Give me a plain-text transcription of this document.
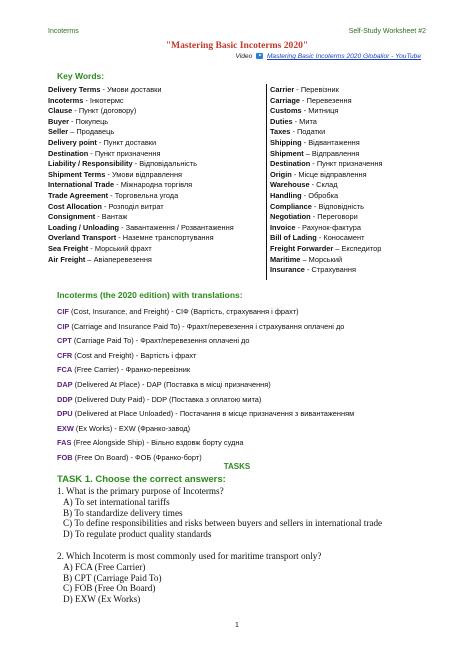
Incoterms	Self-Study Worksheet #2
"Mastering Basic Incoterms 2020"
Video Mastering Basic Incoterms 2020 Globalior - YouTube
Key Words:
Delivery Terms - Умови доставки
Incoterms - Інкотермс
Clause - Пункт (договору)
Buyer - Покупець
Seller – Продавець
Delivery point - Пункт доставки
Destination - Пункт призначення
Liability / Responsibility - Відповідальність
Shipment Terms - Умови відправлення
International Trade - Міжнародна торгівля
Trade Agreement - Торговельна угода
Cost Allocation - Розподіл витрат
Consignment - Вантаж
Loading / Unloading - Завантаження / Розвантаження
Overland Transport - Наземне транспортування
Sea Freight - Морський фрахт
Air Freight – Авіаперевезення
Carrier - Перевізник
Carriage - Перевезення
Customs - Митниця
Duties - Мита
Taxes - Податки
Shipping - Відвантаження
Shipment – Відправлення
Destination - Пункт призначення
Origin - Місце відправлення
Warehouse - Склад
Handling - Обробка
Compliance - Відповідність
Negotiation - Переговори
Invoice - Рахунок-фактура
Bill of Lading - Коносамент
Freight Forwarder – Експедитор
Maritime – Морський
Insurance - Страхування
Incoterms (the 2020 edition) with translations:
CIF (Cost, Insurance, and Freight) - СІФ (Вартість, страхування і фрахт)
CIP (Carriage and Insurance Paid To) - Фрахт/перевезення і страхування оплачені до
CPT (Carriage Paid To) - Фрахт/перевезення оплачені до
CFR (Cost and Freight) - Вартість і фрахт
FCA (Free Carrier) - Франко-перевізник
DAP (Delivered At Place) - DAP (Поставка в місці призначення)
DDP (Delivered Duty Paid) - DDP (Поставка з оплатою мита)
DPU (Delivered at Place Unloaded) - Постачання в місце призначення з вивантаженням
EXW (Ex Works) - EXW (Франко-завод)
FAS (Free Alongside Ship) - Вільно вздовж борту судна
FOB (Free On Board) - ФОБ (Франко-борт)
TASKS
TASK 1. Choose the correct answers:
1. What is the primary purpose of Incoterms?
A) To set international tariffs
B) To standardize delivery times
C) To define responsibilities and risks between buyers and sellers in international trade
D) To regulate product quality standards
2. Which Incoterm is most commonly used for maritime transport only?
A) FCA (Free Carrier)
B) CPT (Carriage Paid To)
C) FOB (Free On Board)
D) EXW (Ex Works)
1
